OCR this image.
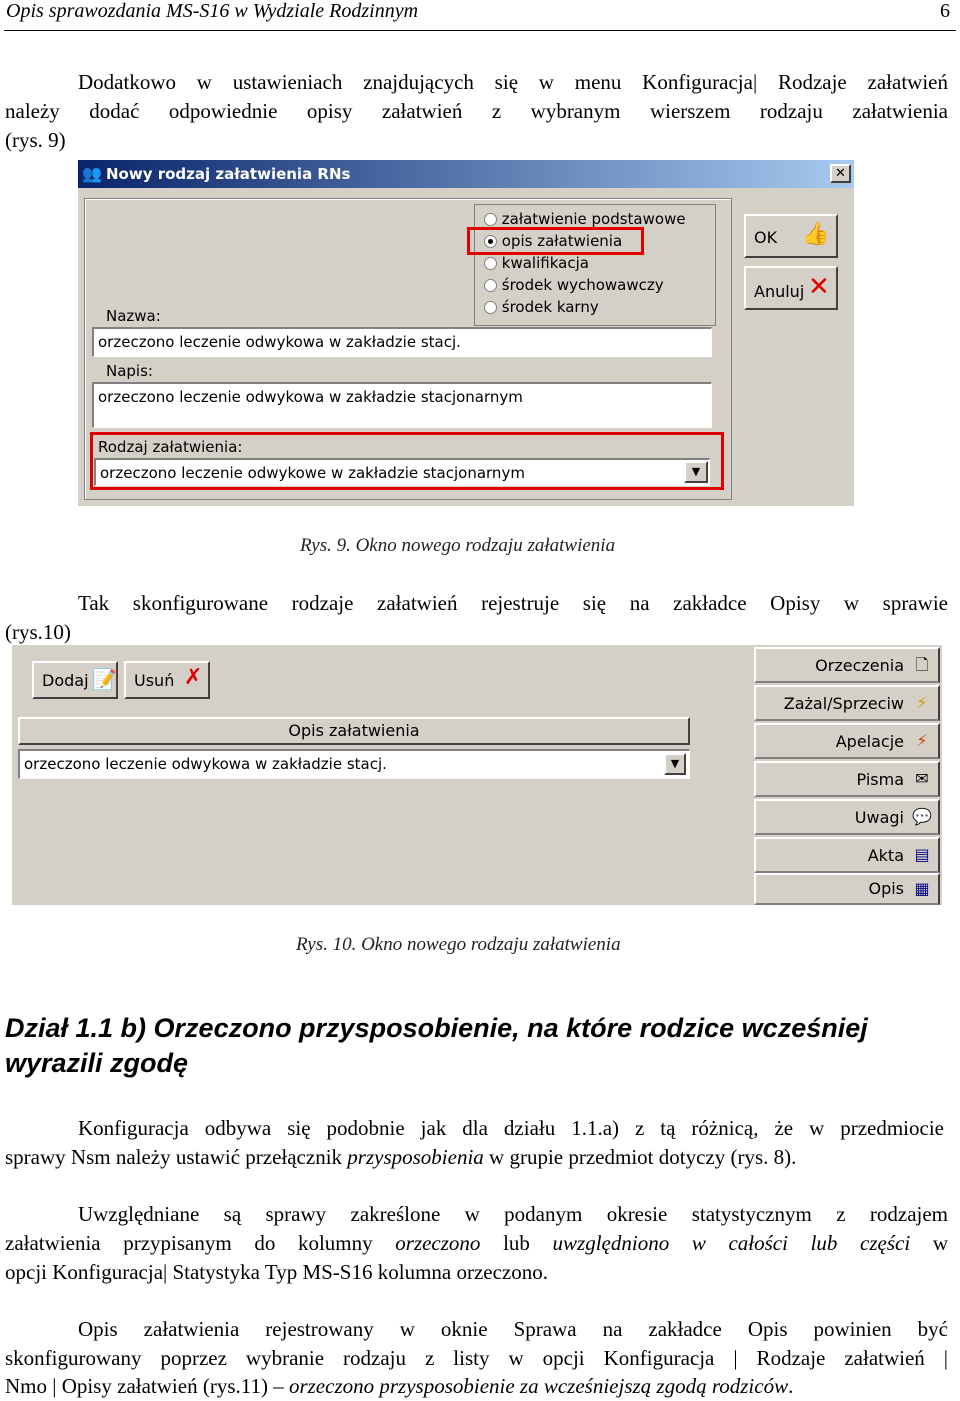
Opis sprawozdania MS-S16 w Wydziale Rodzinnym	6
Dodatkowo w ustawieniach znajdujących się w menu Konfiguracja| Rodzaje załatwień
należy dodać odpowiednie opisy załatwień z wybranym wierszem rodzaju załatwienia
(rys. 9)
👥 Nowy rodzaj załatwienia RNs	✕
załatwienie podstawowe
opis załatwienia
kwalifikacja
środek wychowawczy
środek karny
Nazwa:
orzeczono leczenie odwykowa w zakładzie stacj.
Napis:
orzeczono leczenie odwykowa w zakładzie stacjonarnym
Rodzaj załatwienia:
orzeczono leczenie odwykowe w zakładzie stacjonarnym	▼
OK 👍
Anuluj ✕
Rys. 9. Okno nowego rodzaju załatwienia
Tak skonfigurowane rodzaje załatwień rejestruje się na zakładce Opisy w sprawie
(rys.10)
Dodaj 📝 Usuń ✗
Opis załatwienia
orzeczono leczenie odwykowa w zakładzie stacj.	▼
Orzeczenia 🗋
Zażal/Sprzeciw ⚡
Apelacje ⚡
Pisma ✉
Uwagi 💬
Akta ▤
Opis ▦
Rys. 10. Okno nowego rodzaju załatwienia
Dział 1.1 b) Orzeczono przysposobienie, na które rodzice wcześniej
wyrazili zgodę
Konfiguracja odbywa się podobnie jak dla działu 1.1.a) z tą różnicą, że w przedmiocie
sprawy Nsm należy ustawić przełącznik przysposobienia w grupie przedmiot dotyczy (rys. 8).
Uwzględniane są sprawy zakreślone w podanym okresie statystycznym z rodzajem
załatwienia przypisanym do kolumny orzeczono lub uwzględniono w całości lub części w
opcji Konfiguracja| Statystyka Typ MS-S16 kolumna orzeczono.
Opis załatwienia rejestrowany w oknie Sprawa na zakładce Opis powinien być
skonfigurowany poprzez wybranie rodzaju z listy w opcji Konfiguracja | Rodzaje załatwień |
Nmo | Opisy załatwień (rys.11) – orzeczono przysposobienie za wcześniejszą zgodą rodziców.
